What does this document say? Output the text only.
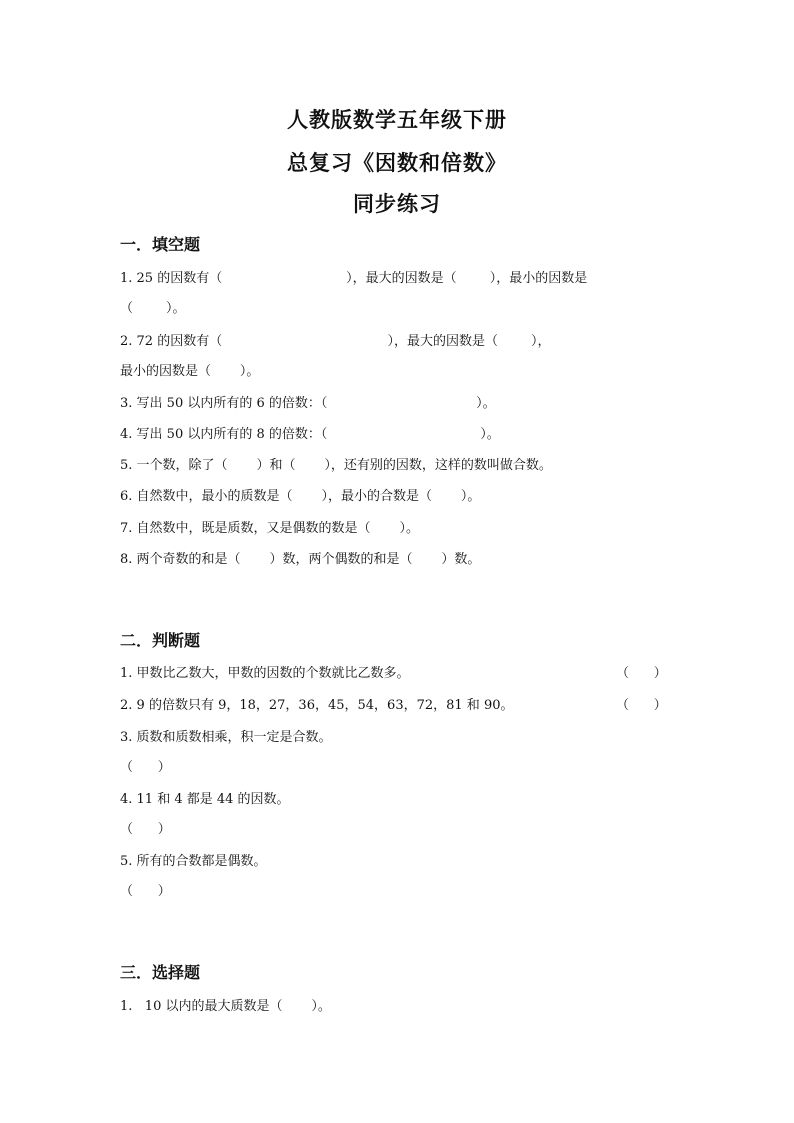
人教版数学五年级下册
总复习《因数和倍数》
同步练习
一．填空题
1. 25 的因数有（                              ），最大的因数是（        ），最小的因数是
（        ）。
2. 72 的因数有（                                        ），最大的因数是（        ），
最小的因数是（       ）。
3. 写出 50 以内所有的 6 的倍数：（                                    ）。
4. 写出 50 以内所有的 8 的倍数：（                                     ）。
5. 一个数，除了（       ）和（       ），还有别的因数，这样的数叫做合数。
6. 自然数中，最小的质数是（       ），最小的合数是（       ）。
7. 自然数中，既是质数，又是偶数的数是（       ）。
8. 两个奇数的和是（       ）数，两个偶数的和是（       ）数。
二．判断题
1. 甲数比乙数大，甲数的因数的个数就比乙数多。	（      ）
2. 9 的倍数只有 9，18，27，36，45，54，63，72，81 和 90。	（      ）
3. 质数和质数相乘，积一定是合数。
（      ）
4. 11 和 4 都是 44 的因数。
（      ）
5. 所有的合数都是偶数。
（      ）
三．选择题
1.   10 以内的最大质数是（       ）。
